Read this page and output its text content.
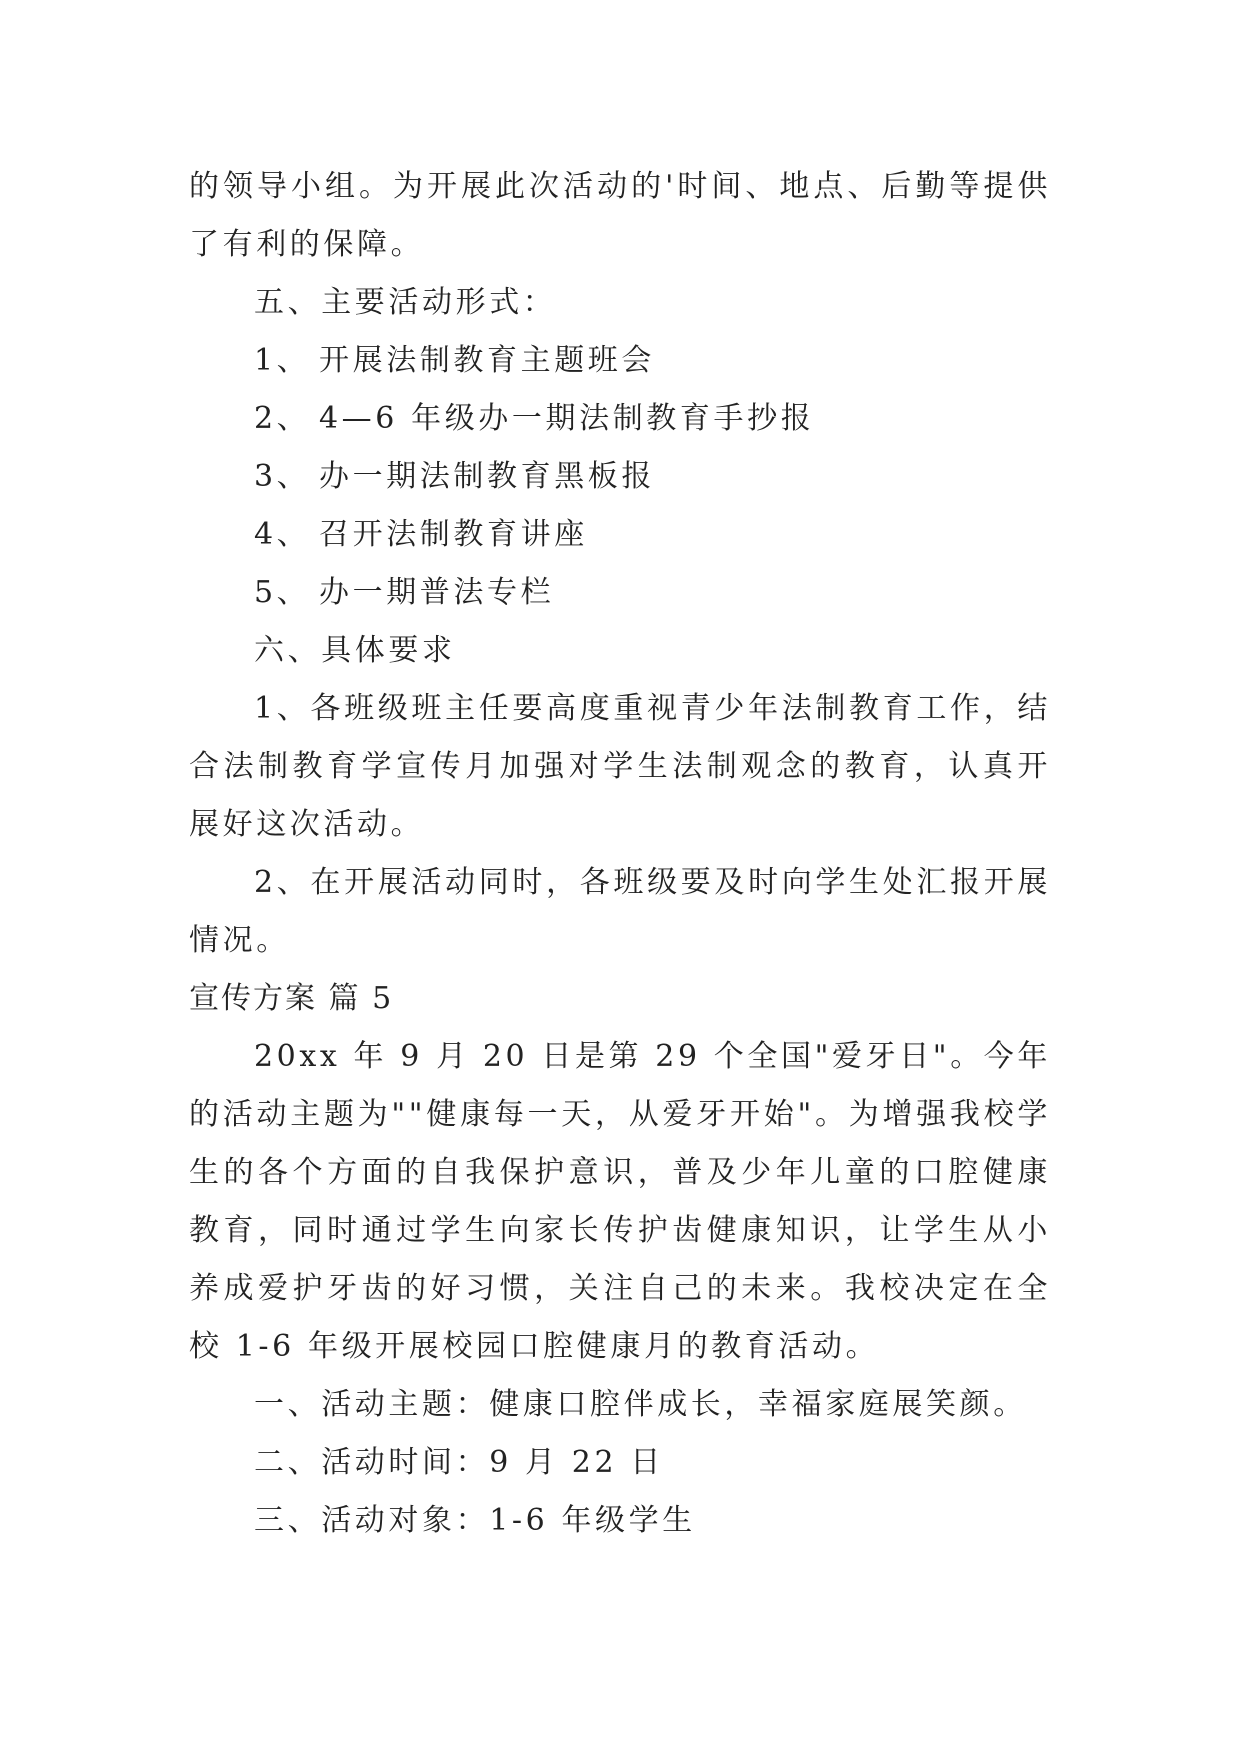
的领导小组。为开展此次活动的'时间、地点、后勤等提供了有利的保障。

五、主要活动形式：

1、 开展法制教育主题班会
2、 4—6 年级办一期法制教育手抄报
3、 办一期法制教育黑板报
4、 召开法制教育讲座
5、 办一期普法专栏

六、具体要求

1、各班级班主任要高度重视青少年法制教育工作，结合法制教育学宣传月加强对学生法制观念的教育，认真开展好这次活动。

2、在开展活动同时，各班级要及时向学生处汇报开展情况。

宣传方案 篇 5

20xx 年 9 月 20 日是第 29 个全国"爱牙日"。今年的活动主题为""健康每一天，从爱牙开始"。为增强我校学生的各个方面的自我保护意识，普及少年儿童的口腔健康教育，同时通过学生向家长传护齿健康知识，让学生从小养成爱护牙齿的好习惯，关注自己的未来。我校决定在全校 1-6 年级开展校园口腔健康月的教育活动。

一、活动主题：健康口腔伴成长，幸福家庭展笑颜。

二、活动时间：9 月 22 日

三、活动对象：1-6 年级学生
